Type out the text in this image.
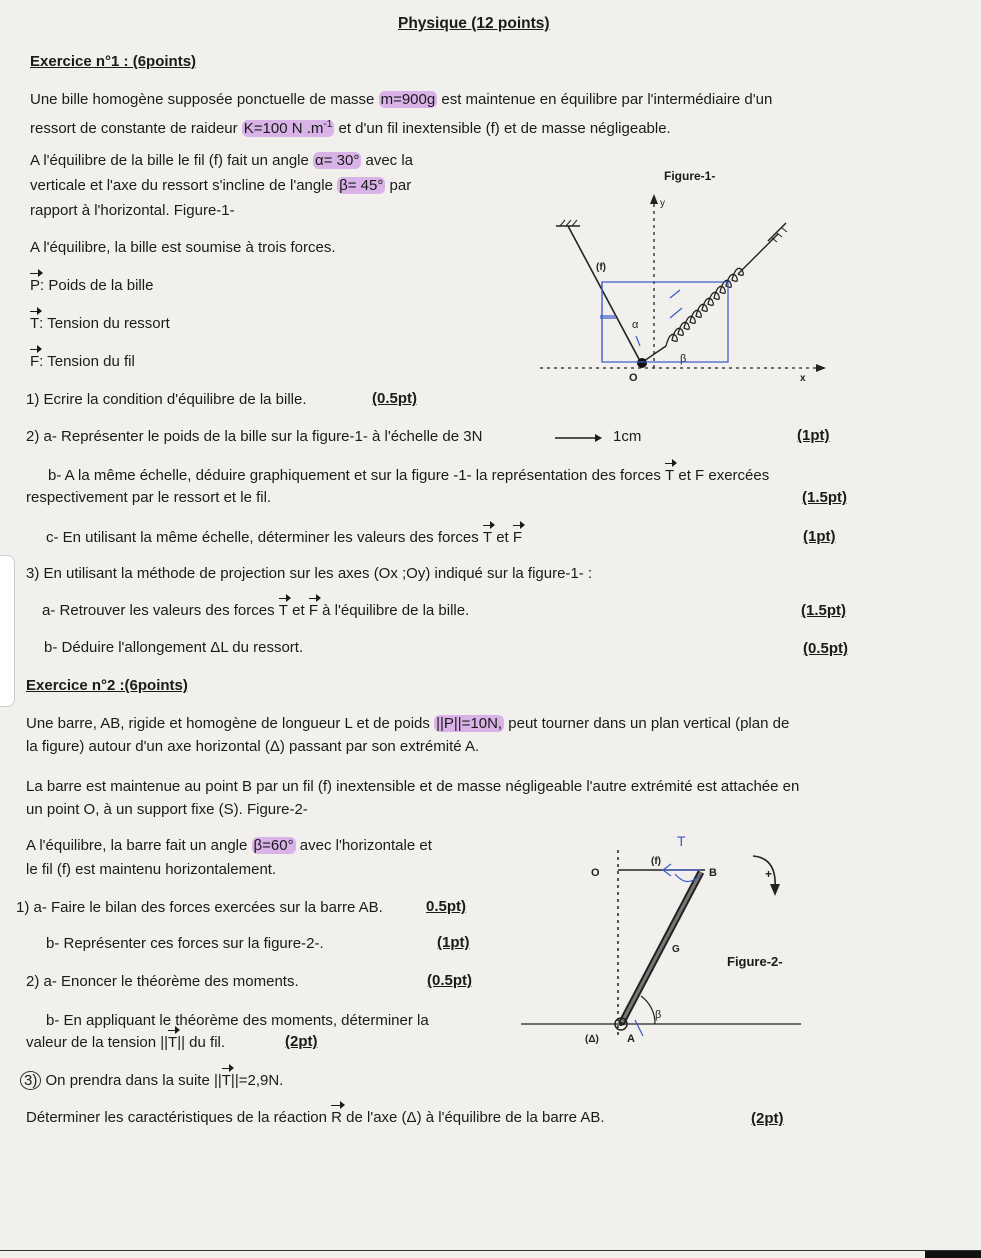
Physique (12 points)
Exercice n°1 : (6points)
Une bille homogène supposée ponctuelle de masse m=900g est maintenue en équilibre par l'intermédiaire d'un
ressort de constante de raideur K=100 N $.m^{-1}$ et d'un fil inextensible (f) et de masse négligeable.
A l'équilibre de la bille le fil (f) fait un angle α= 30° avec la
verticale et l'axe du ressort s'incline de l'angle β= 45° par
rapport à l'horizontal. Figure-1-
A l'équilibre, la bille est soumise à trois forces.
P: Poids de la bille
T: Tension du ressort
F: Tension du fil
1) Ecrire la condition d'équilibre de la bille.	(0.5pt)
2) a- Représenter le poids de la bille sur la figure-1- à l'échelle de 3N	1cm	(1pt)
b- A la même échelle, déduire graphiquement et sur la figure -1- la représentation des forces T et F exercées
respectivement par le ressort et le fil.	(1.5pt)
c- En utilisant la même échelle, déterminer les valeurs des forces T et F	(1pt)
3) En utilisant la méthode de projection sur les axes (Ox ;Oy) indiqué sur la figure-1- :
a- Retrouver les valeurs des forces T et F à l'équilibre de la bille.	(1.5pt)
b- Déduire l'allongement ΔL du ressort.	(0.5pt)
Figure-1-
y
x
O
(f)
α
β
Exercice n°2 :(6points)
Une barre, AB, rigide et homogène de longueur L et de poids ||P||=10N, peut tourner dans un plan vertical (plan de
la figure) autour d'un axe horizontal (Δ) passant par son extrémité A.
La barre est maintenue au point B par un fil (f) inextensible et de masse négligeable l'autre extrémité est attachée en
un point O, à un support fixe (S). Figure-2-
A l'équilibre, la barre fait un angle β=60° avec l'horizontale et
le fil (f) est maintenu horizontalement.
1) a- Faire le bilan des forces exercées sur la barre AB.	0.5pt)
b- Représenter ces forces sur la figure-2-.	(1pt)
2) a- Enoncer le théorème des moments.	(0.5pt)
b- En appliquant le théorème des moments, déterminer la
valeur de la tension ||T|| du fil.	(2pt)
3) On prendra dans la suite ||T||=2,9N.
Déterminer les caractéristiques de la réaction R de l'axe (Δ) à l'équilibre de la barre AB.	(2pt)
Figure-2-
O
(f)
B
G
A
(Δ)
β
+
T
